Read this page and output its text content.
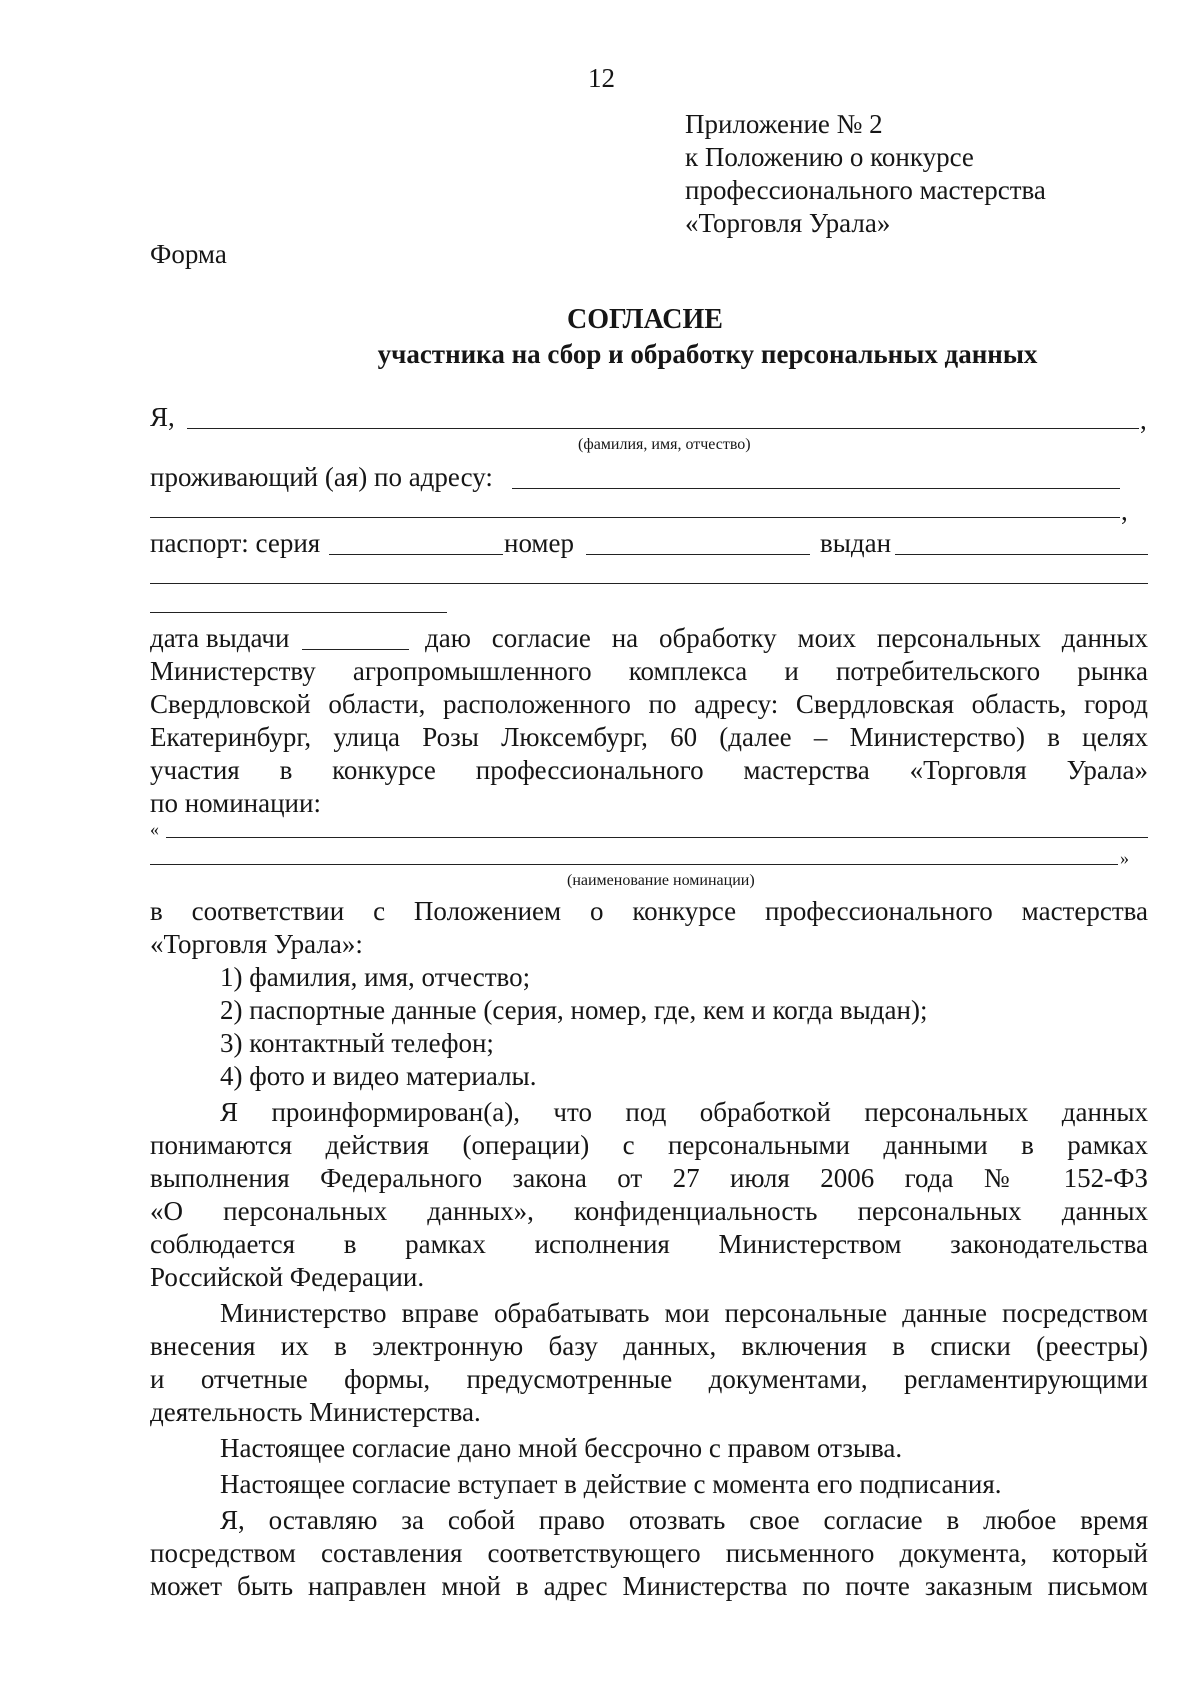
12
Приложение № 2
к Положению о конкурсе
профессионального мастерства
«Торговля Урала»
Форма
СОГЛАСИЕ
участника на сбор и обработку персональных данных
Я,	,
(фамилия, имя, отчество)
проживающий (ая) по адресу:
,
паспорт: серия	номер	выдан
дата выдачи	даю согласие на обработку моих персональных данных
Министерству агропромышленного комплекса и потребительского рынка
Свердловской области, расположенного по адресу: Свердловская область, город
Екатеринбург, улица Розы Люксембург, 60 (далее – Министерство) в целях
участия в конкурсе профессионального мастерства «Торговля Урала»
по номинации:
«
»
(наименование номинации)
в соответствии с Положением о конкурсе профессионального мастерства
«Торговля Урала»:
1) фамилия, имя, отчество;
2) паспортные данные (серия, номер, где, кем и когда выдан);
3) контактный телефон;
4) фото и видео материалы.
Я проинформирован(а), что под обработкой персональных данных
понимаются действия (операции) с персональными данными в рамках
выполнения Федерального закона от 27 июля 2006 года № 152-ФЗ
«О персональных данных», конфиденциальность персональных данных
соблюдается в рамках исполнения Министерством законодательства
Российской Федерации.
Министерство вправе обрабатывать мои персональные данные посредством
внесения их в электронную базу данных, включения в списки (реестры)
и отчетные формы, предусмотренные документами, регламентирующими
деятельность Министерства.
Настоящее согласие дано мной бессрочно с правом отзыва.
Настоящее согласие вступает в действие с момента его подписания.
Я, оставляю за собой право отозвать свое согласие в любое время
посредством составления соответствующего письменного документа, который
может быть направлен мной в адрес Министерства по почте заказным письмом
